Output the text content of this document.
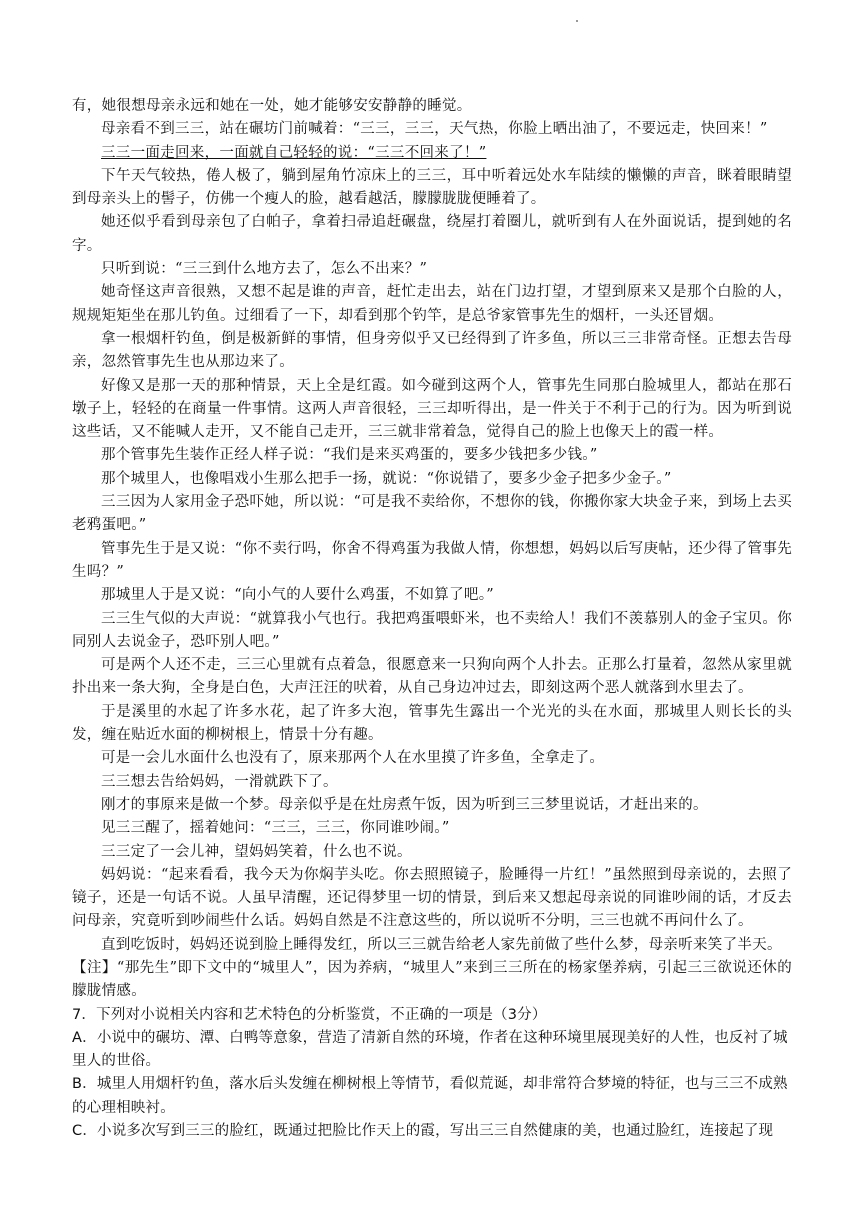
有，她很想母亲永远和她在一处，她才能够安安静静的睡觉。

母亲看不到三三，站在碾坊门前喊着：“三三，三三，天气热，你脸上晒出油了，不要远走，快回来！”

三三一面走回来，一面就自己轻轻的说：“三三不回来了！”

下午天气较热，倦人极了，躺到屋角竹凉床上的三三，耳中听着远处水车陆续的懒懒的声音，眯着眼睛望到母亲头上的髻子，仿佛一个瘦人的脸，越看越活，朦朦胧胧便睡着了。

她还似乎看到母亲包了白帕子，拿着扫帚追赶碾盘，绕屋打着圈儿，就听到有人在外面说话，提到她的名字。

只听到说：“三三到什么地方去了，怎么不出来？”

她奇怪这声音很熟，又想不起是谁的声音，赶忙走出去，站在门边打望，才望到原来又是那个白脸的人，规规矩矩坐在那儿钓鱼。过细看了一下，却看到那个钓竿，是总爷家管事先生的烟杆，一头还冒烟。

拿一根烟杆钓鱼，倒是极新鲜的事情，但身旁似乎又已经得到了许多鱼，所以三三非常奇怪。正想去告母亲，忽然管事先生也从那边来了。

好像又是那一天的那种情景，天上全是红霞。如今碰到这两个人，管事先生同那白脸城里人，都站在那石墩子上，轻轻的在商量一件事情。这两人声音很轻，三三却听得出，是一件关于不利于己的行为。因为听到说这些话，又不能喊人走开，又不能自己走开，三三就非常着急，觉得自己的脸上也像天上的霞一样。

那个管事先生装作正经人样子说：“我们是来买鸡蛋的，要多少钱把多少钱。”

那个城里人，也像唱戏小生那么把手一扬，就说：“你说错了，要多少金子把多少金子。”

三三因为人家用金子恐吓她，所以说：“可是我不卖给你，不想你的钱，你搬你家大块金子来，到场上去买老鸦蛋吧。”

管事先生于是又说：“你不卖行吗，你舍不得鸡蛋为我做人情，你想想，妈妈以后写庚帖，还少得了管事先生吗？”

那城里人于是又说：“向小气的人要什么鸡蛋，不如算了吧。”

三三生气似的大声说：“就算我小气也行。我把鸡蛋喂虾米，也不卖给人！我们不羡慕别人的金子宝贝。你同别人去说金子，恐吓别人吧。”

可是两个人还不走，三三心里就有点着急，很愿意来一只狗向两个人扑去。正那么打量着，忽然从家里就扑出来一条大狗，全身是白色，大声汪汪的吠着，从自己身边冲过去，即刻这两个恶人就落到水里去了。

于是溪里的水起了许多水花，起了许多大泡，管事先生露出一个光光的头在水面，那城里人则长长的头发，缠在贴近水面的柳树根上，情景十分有趣。

可是一会儿水面什么也没有了，原来那两个人在水里摸了许多鱼，全拿走了。

三三想去告给妈妈，一滑就跌下了。

刚才的事原来是做一个梦。母亲似乎是在灶房煮午饭，因为听到三三梦里说话，才赶出来的。

见三三醒了，摇着她问：“三三，三三，你同谁吵闹。”

三三定了一会儿神，望妈妈笑着，什么也不说。

妈妈说：“起来看看，我今天为你焖芋头吃。你去照照镜子，脸睡得一片红！”虽然照到母亲说的，去照了镜子，还是一句话不说。人虽早清醒，还记得梦里一切的情景，到后来又想起母亲说的同谁吵闹的话，才反去问母亲，究竟听到吵闹些什么话。妈妈自然是不注意这些的，所以说听不分明，三三也就不再问什么了。

直到吃饭时，妈妈还说到脸上睡得发红，所以三三就告给老人家先前做了些什么梦，母亲听来笑了半天。

【注】“那先生”即下文中的“城里人”，因为养病，“城里人”来到三三所在的杨家堡养病，引起三三欲说还休的朦胧情感。

7．下列对小说相关内容和艺术特色的分析鉴赏，不正确的一项是（3分）

A．小说中的碾坊、潭、白鸭等意象，营造了清新自然的环境，作者在这种环境里展现美好的人性，也反衬了城里人的世俗。

B．城里人用烟杆钓鱼，落水后头发缠在柳树根上等情节，看似荒诞，却非常符合梦境的特征，也与三三不成熟的心理相映衬。

C．小说多次写到三三的脸红，既通过把脸比作天上的霞，写出三三自然健康的美，也通过脸红，连接起了现
